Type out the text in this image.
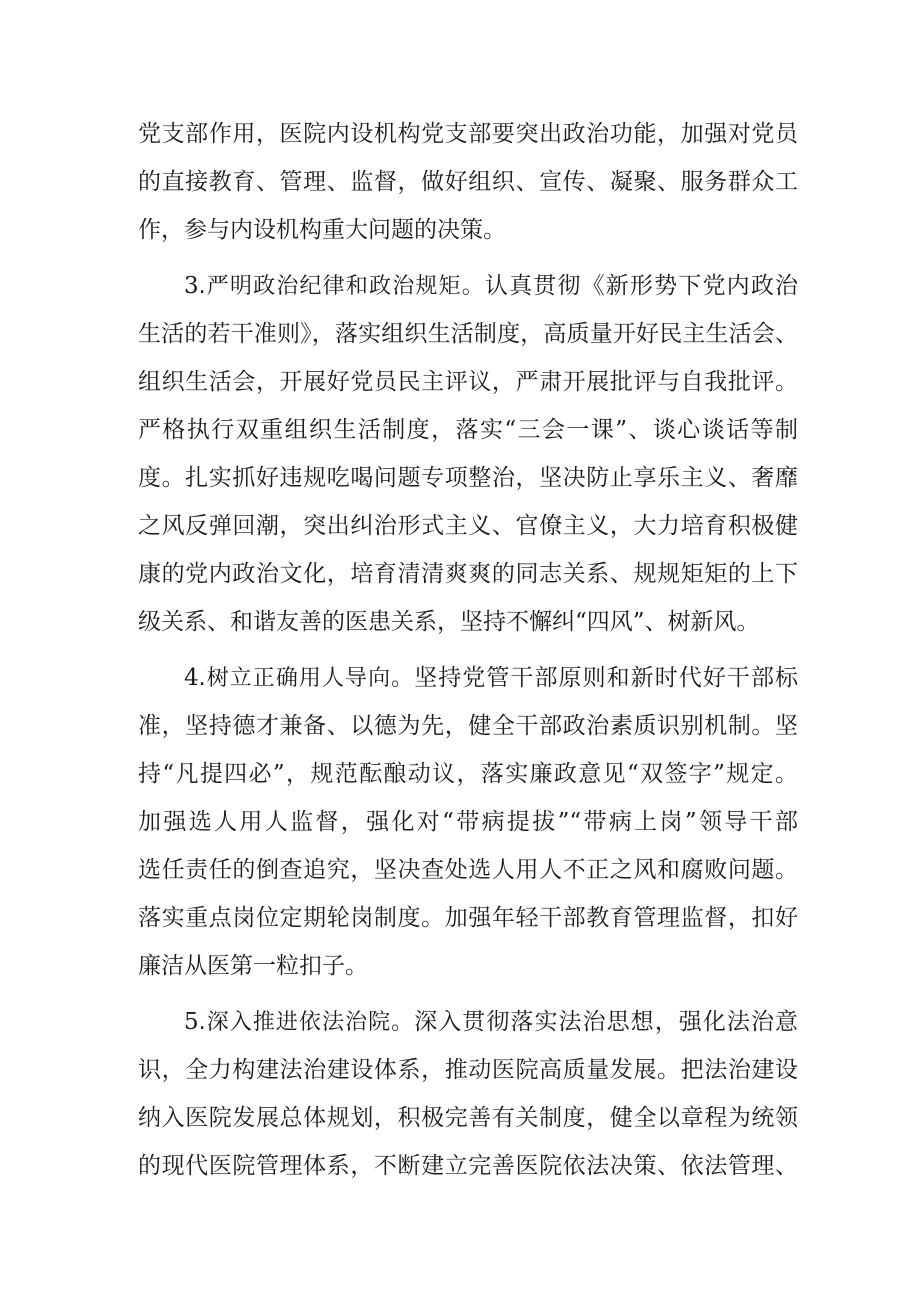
党支部作用，医院内设机构党支部要突出政治功能，加强对党员
的直接教育、管理、监督，做好组织、宣传、凝聚、服务群众工
作，参与内设机构重大问题的决策。
3.严明政治纪律和政治规矩。认真贯彻《新形势下党内政治
生活的若干准则》，落实组织生活制度，高质量开好民主生活会、
组织生活会，开展好党员民主评议，严肃开展批评与自我批评。
严格执行双重组织生活制度，落实“三会一课”、谈心谈话等制
度。扎实抓好违规吃喝问题专项整治，坚决防止享乐主义、奢靡
之风反弹回潮，突出纠治形式主义、官僚主义，大力培育积极健
康的党内政治文化，培育清清爽爽的同志关系、规规矩矩的上下
级关系、和谐友善的医患关系，坚持不懈纠“四风”、树新风。
4.树立正确用人导向。坚持党管干部原则和新时代好干部标
准，坚持德才兼备、以德为先，健全干部政治素质识别机制。坚
持“凡提四必”，规范酝酿动议，落实廉政意见“双签字”规定。
加强选人用人监督，强化对“带病提拔”“带病上岗”领导干部
选任责任的倒查追究，坚决查处选人用人不正之风和腐败问题。
落实重点岗位定期轮岗制度。加强年轻干部教育管理监督，扣好
廉洁从医第一粒扣子。
5.深入推进依法治院。深入贯彻落实法治思想，强化法治意
识，全力构建法治建设体系，推动医院高质量发展。把法治建设
纳入医院发展总体规划，积极完善有关制度，健全以章程为统领
的现代医院管理体系，不断建立完善医院依法决策、依法管理、
